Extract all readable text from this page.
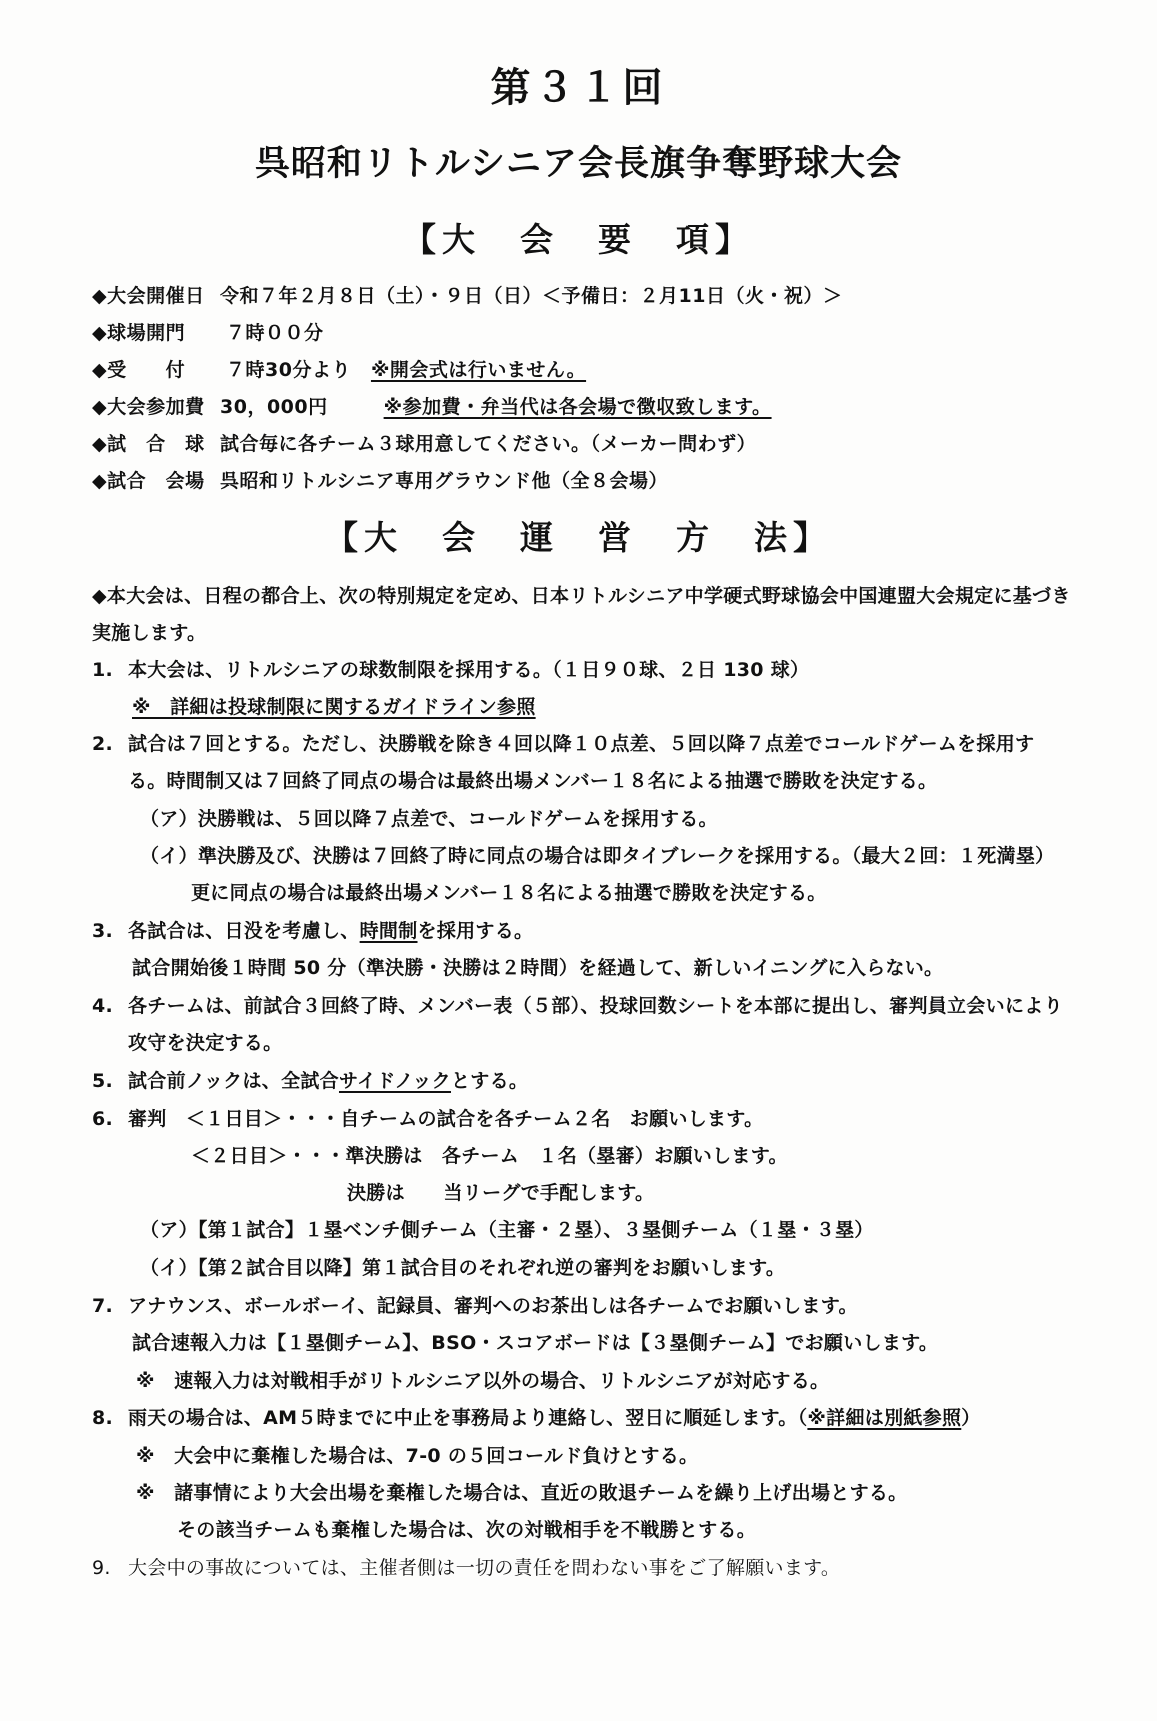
第３１回
呉昭和リトルシニア会長旗争奪野球大会
【大　会　要　項】
◆大会開催日 令和７年２月８日（土）・９日（日）＜予備日：２月11日（火・祝）＞
◆球場開門 ７時００分
◆受　　付 ７時30分より ※開会式は行いません。
◆大会参加費 30，000円	※参加費・弁当代は各会場で徴収致します。
◆試　合　球 試合毎に各チーム３球用意してください。（メーカー問わず）
◆試合　会場 呉昭和リトルシニア専用グラウンド他（全８会場）
【大　会　運　営　方　法】
◆本大会は、日程の都合上、次の特別規定を定め、日本リトルシニア中学硬式野球協会中国連盟大会規定に基づき
実施します。
1. 本大会は、リトルシニアの球数制限を採用する。（１日９０球、２日 130 球）
※　詳細は投球制限に関するガイドライン参照
2. 試合は７回とする。ただし、決勝戦を除き４回以降１０点差、５回以降７点差でコールドゲームを採用す
る。時間制又は７回終了同点の場合は最終出場メンバー１８名による抽選で勝敗を決定する。
（ア）決勝戦は、５回以降７点差で、コールドゲームを採用する。
（イ）準決勝及び、決勝は７回終了時に同点の場合は即タイブレークを採用する。（最大２回：１死満塁）
更に同点の場合は最終出場メンバー１８名による抽選で勝敗を決定する。
3. 各試合は、日没を考慮し、時間制を採用する。
試合開始後１時間 50 分（準決勝・決勝は２時間）を経過して、新しいイニングに入らない。
4. 各チームは、前試合３回終了時、メンバー表（５部）、投球回数シートを本部に提出し、審判員立会いにより
攻守を決定する。
5. 試合前ノックは、全試合サイドノックとする。
6. 審判　＜１日目＞・・・自チームの試合を各チーム２名　お願いします。
＜２日目＞・・・準決勝は　各チーム　１名（塁審）お願いします。
決勝は　　当リーグで手配します。
（ア）【第１試合】１塁ベンチ側チーム（主審・２塁）、３塁側チーム（１塁・３塁）
（イ）【第２試合目以降】第１試合目のそれぞれ逆の審判をお願いします。
7. アナウンス、ボールボーイ、記録員、審判へのお茶出しは各チームでお願いします。
試合速報入力は【１塁側チーム】、BSO・スコアボードは【３塁側チーム】でお願いします。
※　速報入力は対戦相手がリトルシニア以外の場合、リトルシニアが対応する。
8. 雨天の場合は、AM５時までに中止を事務局より連絡し、翌日に順延します。（※詳細は別紙参照）
※　大会中に棄権した場合は、7-0 の５回コールド負けとする。
※　諸事情により大会出場を棄権した場合は、直近の敗退チームを繰り上げ出場とする。
その該当チームも棄権した場合は、次の対戦相手を不戦勝とする。
9. 大会中の事故については、主催者側は一切の責任を問わない事をご了解願います。
